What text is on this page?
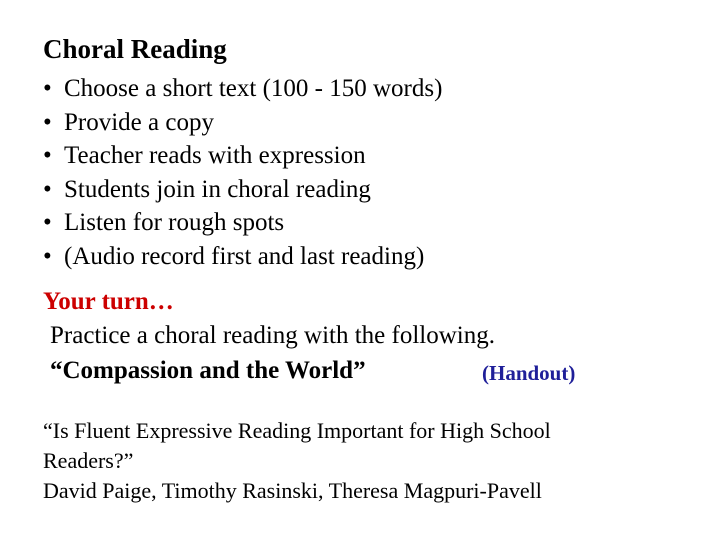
Choral Reading
• Choose a short text (100 - 150 words)
• Provide a copy
• Teacher reads with expression
• Students join in choral reading
• Listen for rough spots
• (Audio record first and last reading)
Your turn…
Practice a choral reading with the following.
“Compassion and the World”	(Handout)
“Is Fluent Expressive Reading Important for High School
Readers?”
David Paige, Timothy Rasinski, Theresa Magpuri-Pavell
